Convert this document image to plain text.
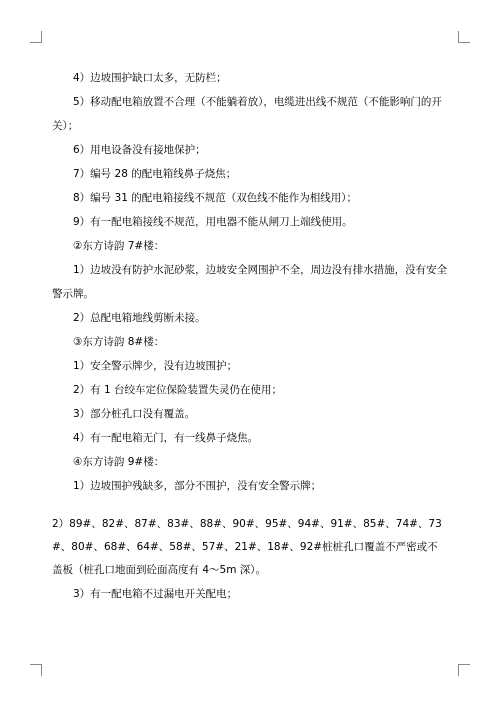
4）边坡围护缺口太多，无防栏；

5）移动配电箱放置不合理（不能躺着放），电缆进出线不规范（不能影响门的开关）；

6）用电设备没有接地保护；

7）编号 28 的配电箱线鼻子烧焦；

8）编号 31 的配电箱接线不规范（双色线不能作为相线用）；

9）有一配电箱接线不规范，用电器不能从闸刀上端线使用。

②东方诗韵 7#楼：

1）边坡没有防护水泥砂浆，边坡安全网围护不全，周边没有排水措施，没有安全警示牌。

2）总配电箱地线剪断未接。

③东方诗韵 8#楼：

1）安全警示牌少，没有边坡围护；

2）有 1 台绞车定位保险装置失灵仍在使用；

3）部分桩孔口没有覆盖。

4）有一配电箱无门，有一线鼻子烧焦。

④东方诗韵 9#楼：

1）边坡围护残缺多，部分不围护，没有安全警示牌；

2）89#、82#、87#、83#、88#、90#、95#、94#、91#、85#、74#、73#、80#、68#、64#、58#、57#、21#、18#、92#桩桩孔口覆盖不严密或不盖板（桩孔口地面到砼面高度有 4～5m 深）。

3）有一配电箱不过漏电开关配电；
